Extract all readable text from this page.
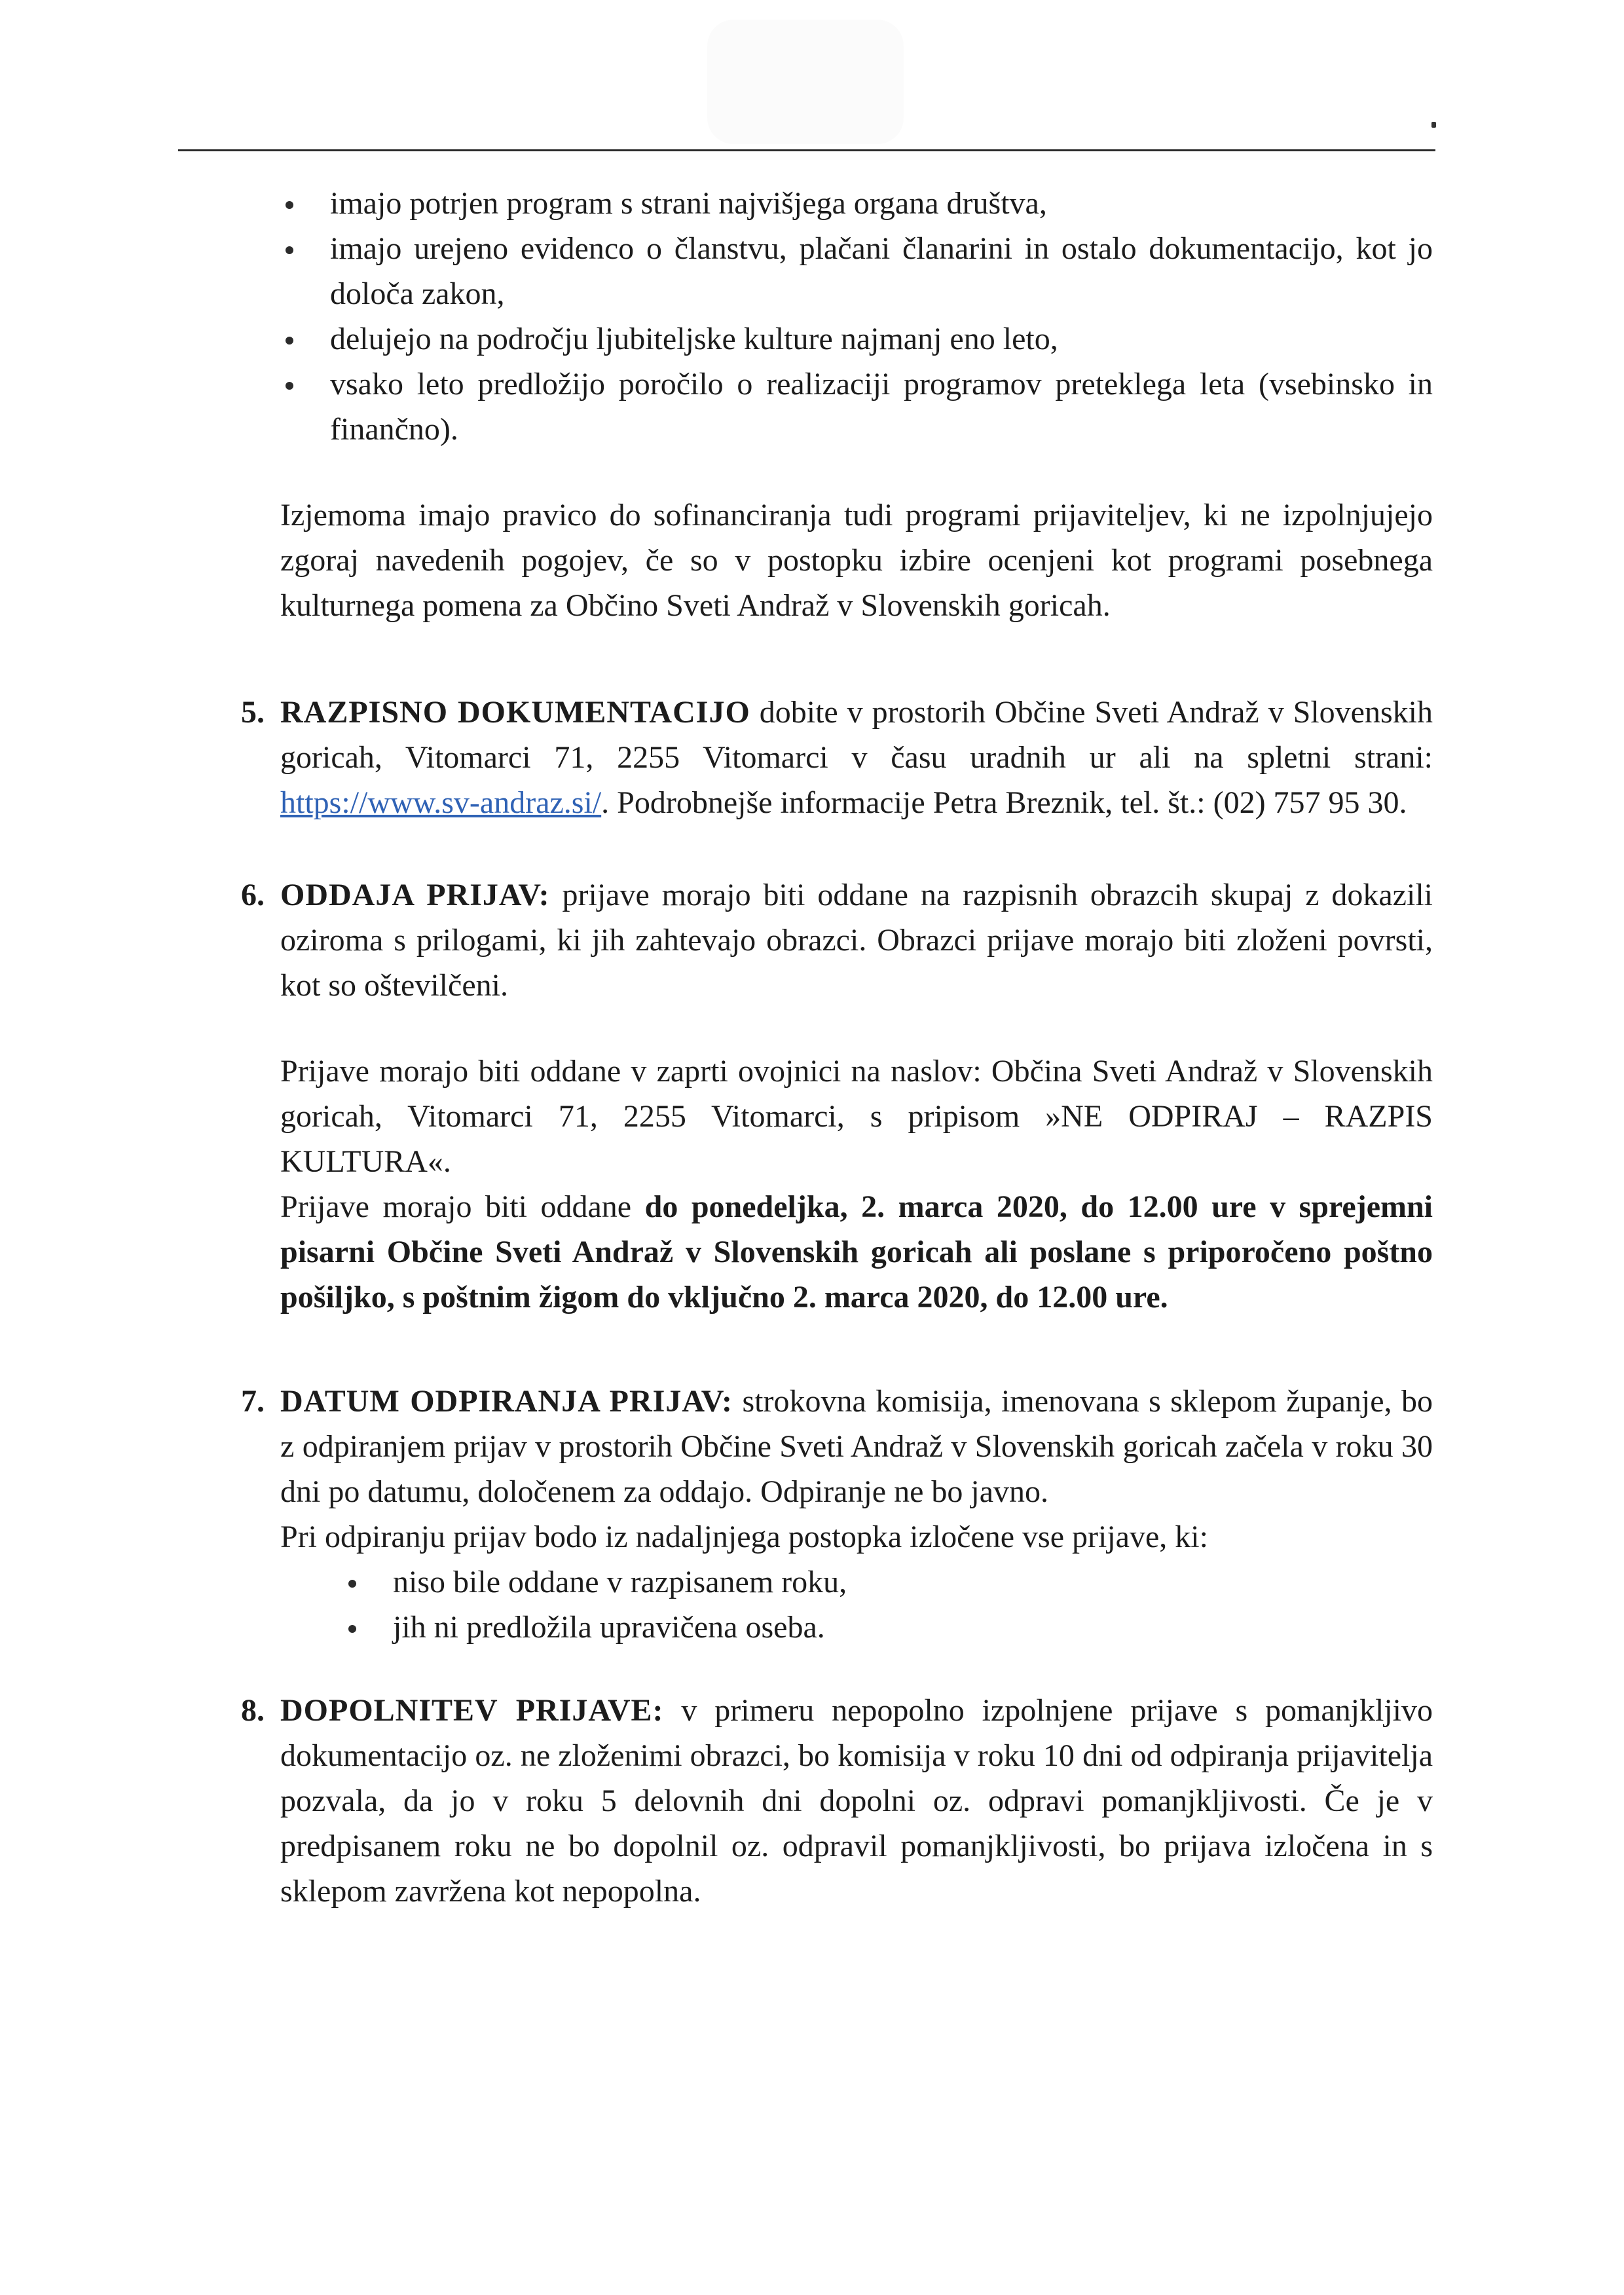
imajo potrjen program s strani najvišjega organa društva,
imajo urejeno evidenco o članstvu, plačani članarini in ostalo dokumentacijo, kot jo določa zakon,
delujejo na področju ljubiteljske kulture najmanj eno leto,
vsako leto predložijo poročilo o realizaciji programov preteklega leta (vsebinsko in finančno).

Izjemoma imajo pravico do sofinanciranja tudi programi prijaviteljev, ki ne izpolnjujejo zgoraj navedenih pogojev, če so v postopku izbire ocenjeni kot programi posebnega kulturnega pomena za Občino Sveti Andraž v Slovenskih goricah.

5. RAZPISNO DOKUMENTACIJO dobite v prostorih Občine Sveti Andraž v Slovenskih goricah, Vitomarci 71, 2255 Vitomarci v času uradnih ur ali na spletni strani: https://www.sv-andraz.si/. Podrobnejše informacije Petra Breznik, tel. št.: (02) 757 95 30.

6. ODDAJA PRIJAV: prijave morajo biti oddane na razpisnih obrazcih skupaj z dokazili oziroma s prilogami, ki jih zahtevajo obrazci. Obrazci prijave morajo biti zloženi povrsti, kot so oštevilčeni.

Prijave morajo biti oddane v zaprti ovojnici na naslov: Občina Sveti Andraž v Slovenskih goricah, Vitomarci 71, 2255 Vitomarci, s pripisom »NE ODPIRAJ – RAZPIS KULTURA«.

Prijave morajo biti oddane do ponedeljka, 2. marca 2020, do 12.00 ure v sprejemni pisarni Občine Sveti Andraž v Slovenskih goricah ali poslane s priporočeno poštno pošiljko, s poštnim žigom do vključno 2. marca 2020, do 12.00 ure.

7. DATUM ODPIRANJA PRIJAV: strokovna komisija, imenovana s sklepom županje, bo z odpiranjem prijav v prostorih Občine Sveti Andraž v Slovenskih goricah začela v roku 30 dni po datumu, določenem za oddajo. Odpiranje ne bo javno.

Pri odpiranju prijav bodo iz nadaljnjega postopka izločene vse prijave, ki:

niso bile oddane v razpisanem roku,
jih ni predložila upravičena oseba.
8. DOPOLNITEV PRIJAVE: v primeru nepopolno izpolnjene prijave s pomanjkljivo dokumentacijo oz. ne zloženimi obrazci, bo komisija v roku 10 dni od odpiranja prijavitelja pozvala, da jo v roku 5 delovnih dni dopolni oz. odpravi pomanjkljivosti. Če je v predpisanem roku ne bo dopolnil oz. odpravil pomanjkljivosti, bo prijava izločena in s sklepom zavržena kot nepopolna.
